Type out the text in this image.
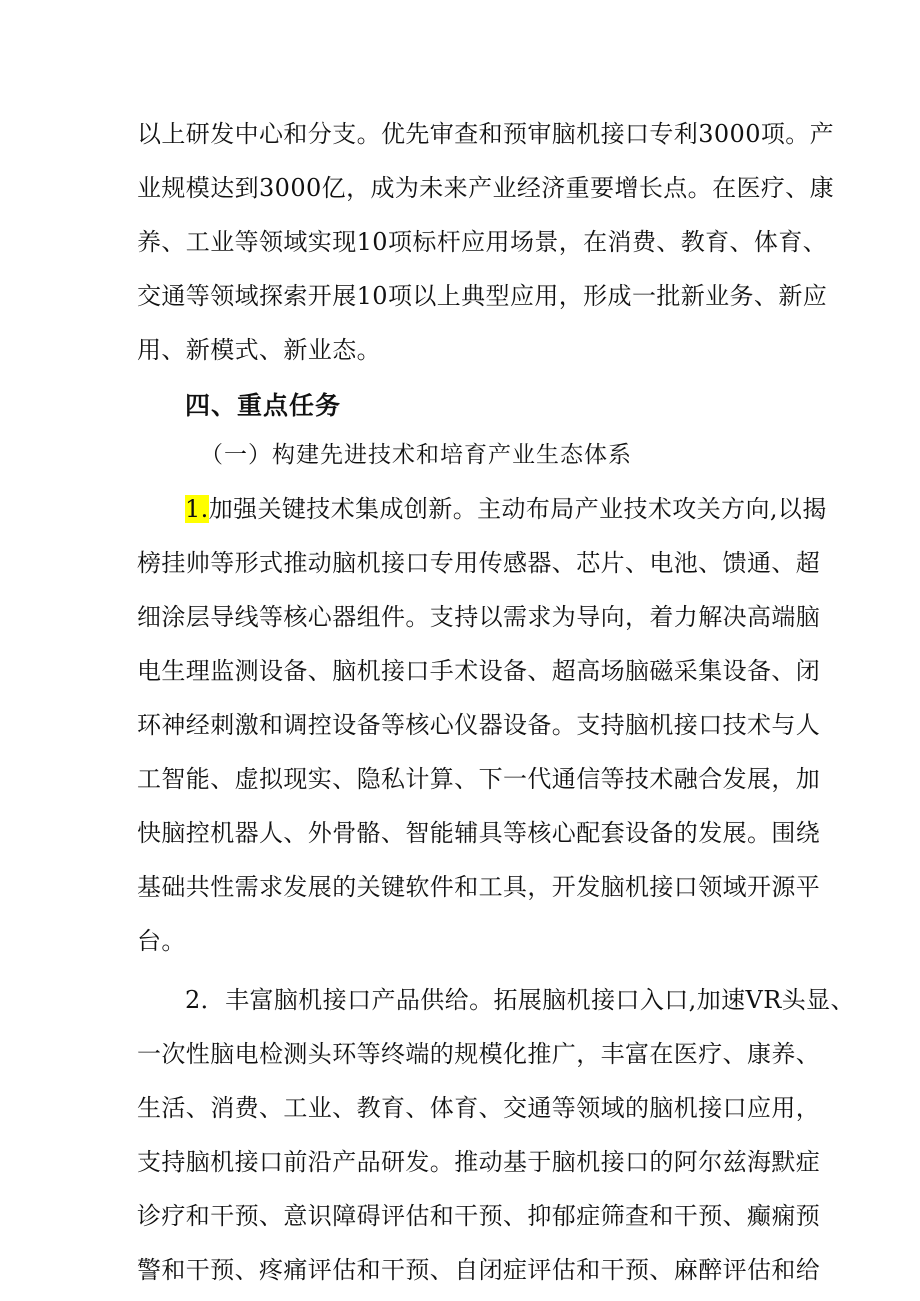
以上研发中心和分支。优先审查和预审脑机接口专利3000项。产
业规模达到3000亿，成为未来产业经济重要增长点。在医疗、康
养、工业等领域实现10项标杆应用场景，在消费、教育、体育、
交通等领域探索开展10项以上典型应用，形成一批新业务、新应
用、新模式、新业态。
四、重点任务
（一）构建先进技术和培育产业生态体系
1.加强关键技术集成创新。主动布局产业技术攻关方向,以揭
榜挂帅等形式推动脑机接口专用传感器、芯片、电池、馈通、超
细涂层导线等核心器组件。支持以需求为导向，着力解决高端脑
电生理监测设备、脑机接口手术设备、超高场脑磁采集设备、闭
环神经刺激和调控设备等核心仪器设备。支持脑机接口技术与人
工智能、虚拟现实、隐私计算、下一代通信等技术融合发展，加
快脑控机器人、外骨骼、智能辅具等核心配套设备的发展。围绕
基础共性需求发展的关键软件和工具，开发脑机接口领域开源平
台。
2．丰富脑机接口产品供给。拓展脑机接口入口,加速VR头显、
一次性脑电检测头环等终端的规模化推广，丰富在医疗、康养、
生活、消费、工业、教育、体育、交通等领域的脑机接口应用，
支持脑机接口前沿产品研发。推动基于脑机接口的阿尔兹海默症
诊疗和干预、意识障碍评估和干预、抑郁症筛查和干预、癫痫预
警和干预、疼痛评估和干预、自闭症评估和干预、麻醉评估和给
